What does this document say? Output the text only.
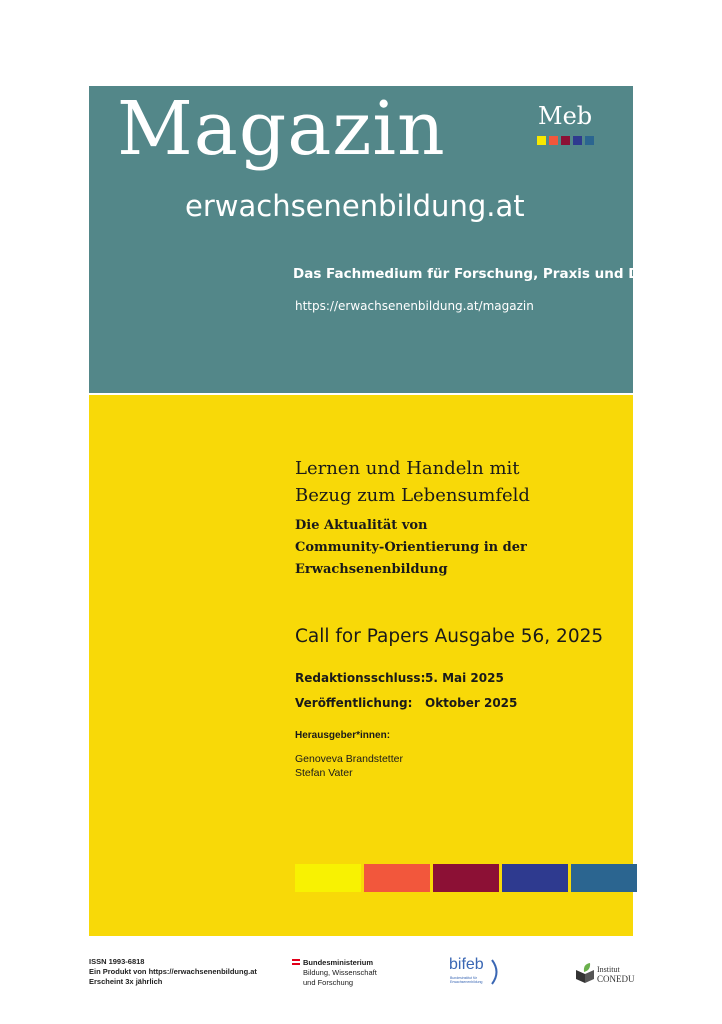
Magazin
erwachsenenbildung.at
Meb
Das Fachmedium für Forschung, Praxis und Diskurs
https://erwachsenenbildung.at/magazin
Lernen und Handeln mit
Bezug zum Lebensumfeld
Die Aktualität von
Community-Orientierung in der
Erwachsenenbildung
Call for Papers Ausgabe 56, 2025
Redaktionsschluss:5. Mai 2025
Veröffentlichung: Oktober 2025
Herausgeber*innen:
Genoveva Brandstetter
Stefan Vater
ISSN 1993-6818
Ein Produkt von https://erwachsenenbildung.at
Erscheint 3x jährlich
Bundesministerium
Bildung, Wissenschaft
und Forschung
bifeb
Bundesinstitut für Erwachsenenbildung
Institut
CONEDU
